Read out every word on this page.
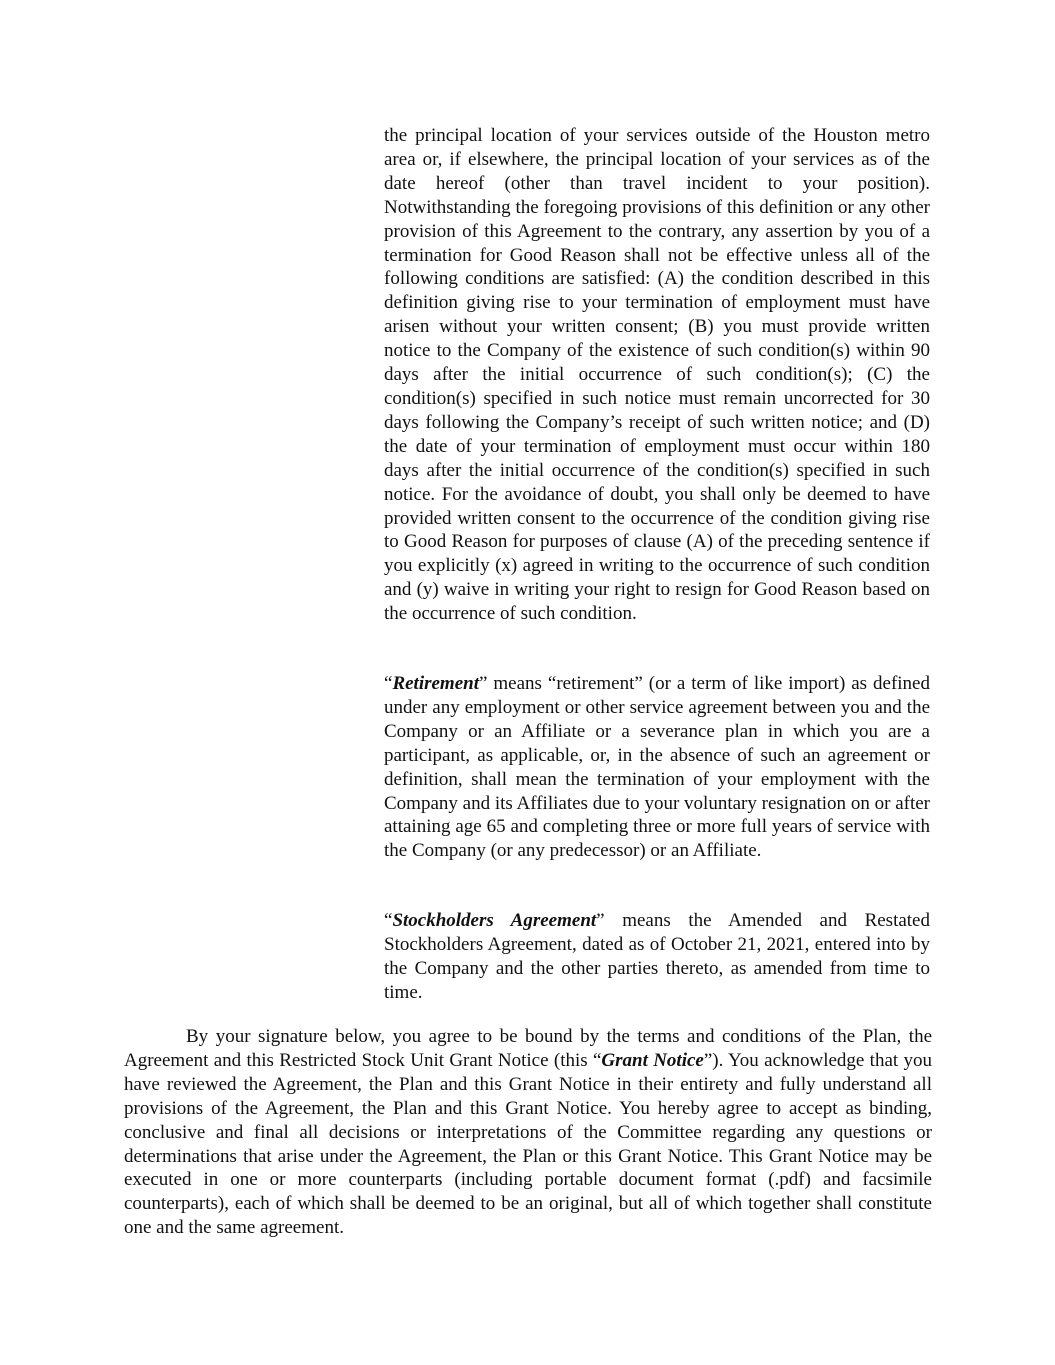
the principal location of your services outside of the Houston metro area or, if elsewhere, the principal location of your services as of the date hereof (other than travel incident to your position). Notwithstanding the foregoing provisions of this definition or any other provision of this Agreement to the contrary, any assertion by you of a termination for Good Reason shall not be effective unless all of the following conditions are satisfied: (A) the condition described in this definition giving rise to your termination of employment must have arisen without your written consent; (B) you must provide written notice to the Company of the existence of such condition(s) within 90 days after the initial occurrence of such condition(s); (C) the condition(s) specified in such notice must remain uncorrected for 30 days following the Company’s receipt of such written notice; and (D) the date of your termination of employment must occur within 180 days after the initial occurrence of the condition(s) specified in such notice. For the avoidance of doubt, you shall only be deemed to have provided written consent to the occurrence of the condition giving rise to Good Reason for purposes of clause (A) of the preceding sentence if you explicitly (x) agreed in writing to the occurrence of such condition and (y) waive in writing your right to resign for Good Reason based on the occurrence of such condition.

“Retirement” means “retirement” (or a term of like import) as defined under any employment or other service agreement between you and the Company or an Affiliate or a severance plan in which you are a participant, as applicable, or, in the absence of such an agreement or definition, shall mean the termination of your employment with the Company and its Affiliates due to your voluntary resignation on or after attaining age 65 and completing three or more full years of service with the Company (or any predecessor) or an Affiliate.

“Stockholders Agreement” means the Amended and Restated Stockholders Agreement, dated as of October 21, 2021, entered into by the Company and the other parties thereto, as amended from time to time.

By your signature below, you agree to be bound by the terms and conditions of the Plan, the Agreement and this Restricted Stock Unit Grant Notice (this “Grant Notice”). You acknowledge that you have reviewed the Agreement, the Plan and this Grant Notice in their entirety and fully understand all provisions of the Agreement, the Plan and this Grant Notice. You hereby agree to accept as binding, conclusive and final all decisions or interpretations of the Committee regarding any questions or determinations that arise under the Agreement, the Plan or this Grant Notice. This Grant Notice may be executed in one or more counterparts (including portable document format (.pdf) and facsimile counterparts), each of which shall be deemed to be an original, but all of which together shall constitute one and the same agreement.
